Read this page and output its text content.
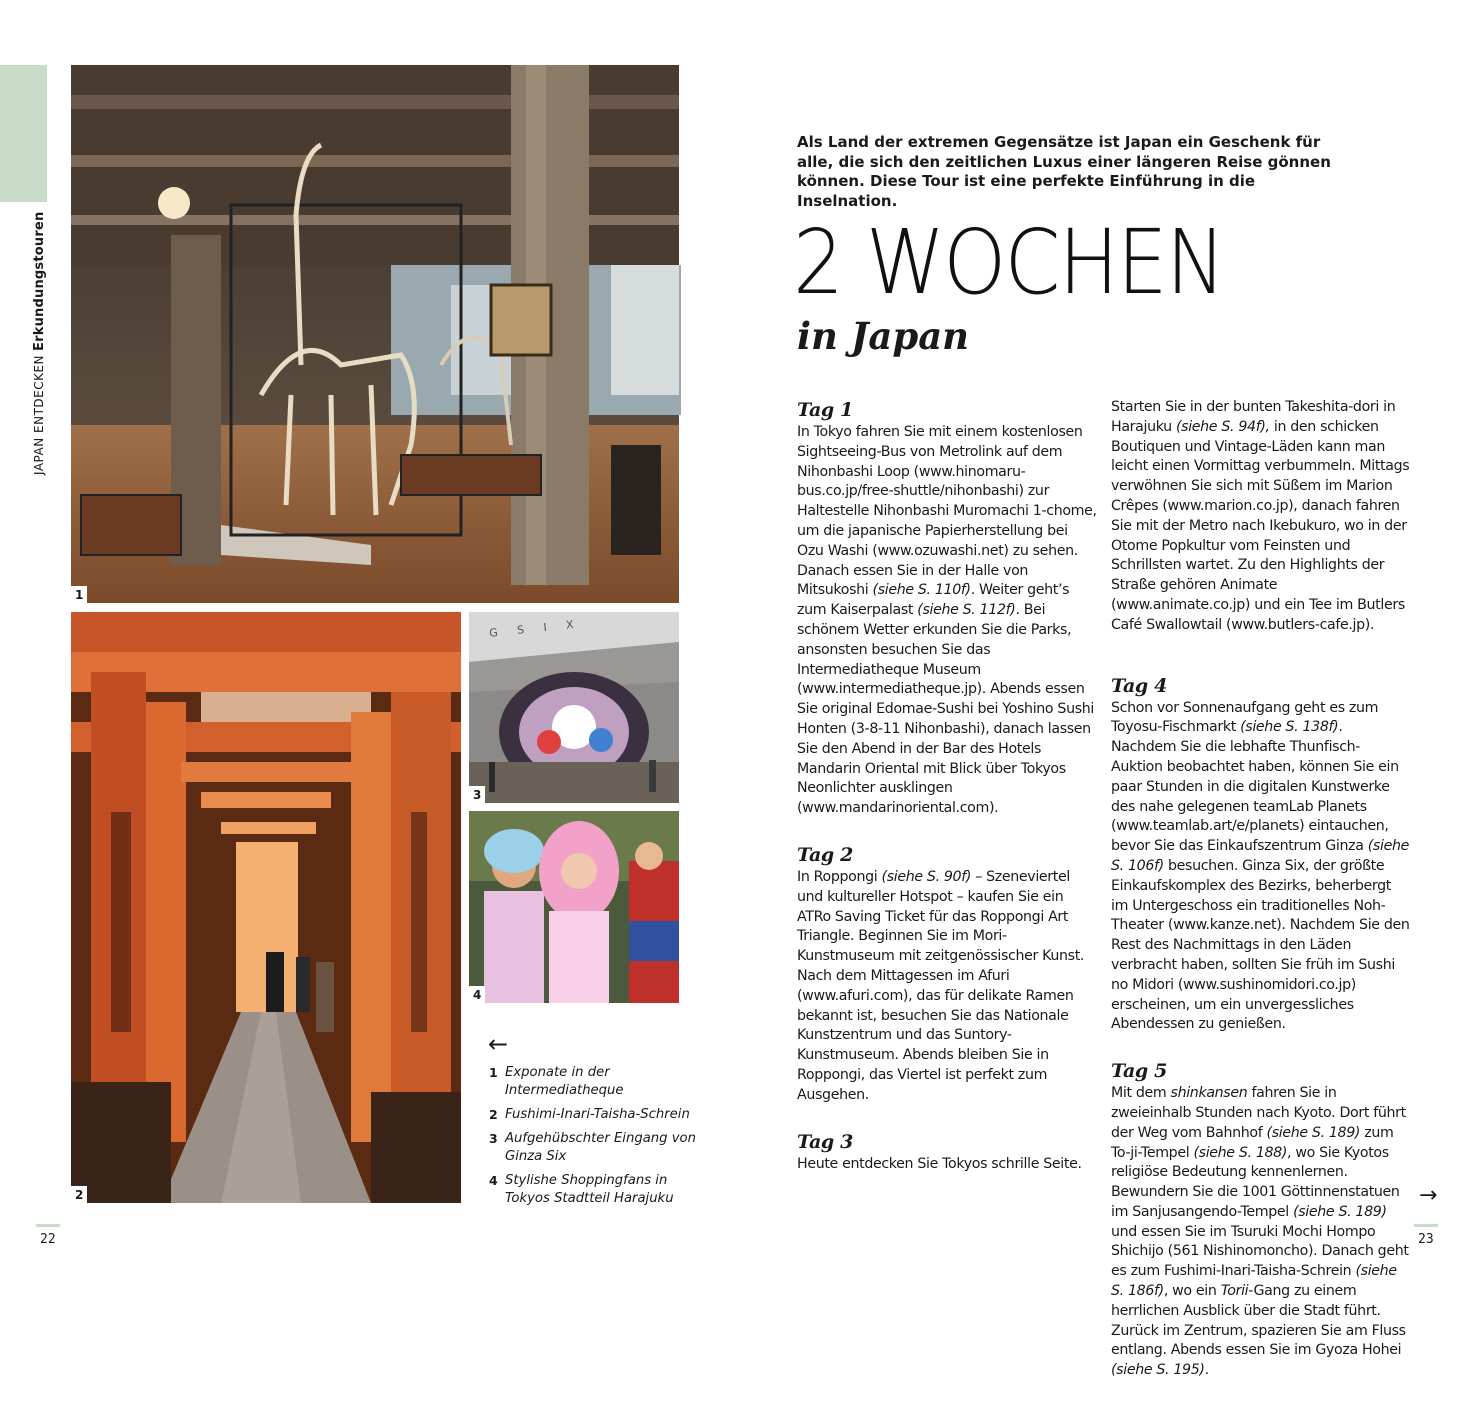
JAPAN ENTDECKENErkundungstouren
1
2
G S I X
3
4
←
1 Exponate in der Intermediatheque
2 Fushimi-Inari-Taisha-Schrein
3 Aufgehübschter Eingang von Ginza Six
4 Stylishe Shoppingfans in Tokyos Stadtteil Harajuku
22	23
Als Land der extremen Gegensätze ist Japan ein Geschenk für alle, die sich den zeitlichen Luxus einer längeren Reise gönnen können. Diese Tour ist eine perfekte Einführung in die Inselnation.
2 WOCHEN
in Japan
Tag 1

In Tokyo fahren Sie mit einem kostenlosen Sightseeing-Bus von Metrolink auf dem Nihonbashi Loop (www.hinomaru-bus.co.jp/free-shuttle/nihonbashi) zur Haltestelle Nihonbashi Muromachi 1-chome, um die japanische Papierherstellung bei Ozu Washi (www.ozuwashi.net) zu sehen. Danach essen Sie in der Halle von Mitsukoshi (siehe S. 110f). Weiter geht’s zum Kaiserpalast (siehe S. 112f). Bei schönem Wetter erkunden Sie die Parks, ansonsten besuchen Sie das Intermediatheque Museum (www.intermediatheque.jp). Abends essen Sie original Edomae-Sushi bei Yoshino Sushi Honten (3-8-11 Nihonbashi), danach lassen Sie den Abend in der Bar des Hotels Mandarin Oriental mit Blick über Tokyos Neonlichter ausklingen (www.mandarinoriental.com).

Tag 2

In Roppongi (siehe S. 90f) – Szeneviertel und kultureller Hotspot – kaufen Sie ein ATRo Saving Ticket für das Roppongi Art Triangle. Beginnen Sie im Mori-Kunstmuseum mit zeitgenössischer Kunst. Nach dem Mittagessen im Afuri (www.afuri.com), das für delikate Ramen bekannt ist, besuchen Sie das Nationale Kunstzentrum und das Suntory-Kunstmuseum. Abends bleiben Sie in Roppongi, das Viertel ist perfekt zum Ausgehen.

Tag 3

Heute entdecken Sie Tokyos schrille Seite.

Tag 4

Schon vor Sonnenaufgang geht es zum Toyosu-Fischmarkt (siehe S. 138f). Nachdem Sie die lebhafte Thunfisch-Auktion beobachtet haben, können Sie ein paar Stunden in die digitalen Kunstwerke des nahe gelegenen teamLab Planets (www.teamlab.art/e/planets) eintauchen, bevor Sie das Einkaufszentrum Ginza (siehe S. 106f) besuchen. Ginza Six, der größte Einkaufskomplex des Bezirks, beherbergt im Untergeschoss ein traditionelles Noh-Theater (www.kanze.net). Nachdem Sie den Rest des Nachmittags in den Läden verbracht haben, sollten Sie früh im Sushi no Midori (www.sushinomidori.co.jp) erscheinen, um ein unvergessliches Abendessen zu genießen.

Tag 5

Mit dem shinkansen fahren Sie in zweieinhalb Stunden nach Kyoto. Dort führt der Weg vom Bahnhof (siehe S. 189) zum To-ji-Tempel (siehe S. 188), wo Sie Kyotos religiöse Bedeutung kennenlernen. Bewundern Sie die 1001 Göttinnenstatuen im Sanjusangendo-Tempel (siehe S. 189) und essen Sie im Tsuruki Mochi Hompo Shichijo (561 Nishinomoncho). Danach geht es zum Fushimi-Inari-Taisha-Schrein (siehe S. 186f), wo ein Torii-Gang zu einem herrlichen Ausblick über die Stadt führt. Zurück im Zentrum, spazieren Sie am Fluss entlang. Abends essen Sie im Gyoza Hohei (siehe S. 195).

→

Starten Sie in der bunten Takeshita-dori in Harajuku (siehe S. 94f), in den schicken Boutiquen und Vintage-Läden kann man leicht einen Vormittag verbummeln. Mittags verwöhnen Sie sich mit Süßem im Marion Crêpes (www.marion.co.jp), danach fahren Sie mit der Metro nach Ikebukuro, wo in der Otome Popkultur vom Feinsten und Schrillsten wartet. Zu den Highlights der Straße gehören Animate (www.animate.co.jp) und ein Tee im Butlers Café Swallowtail (www.butlers-cafe.jp).
